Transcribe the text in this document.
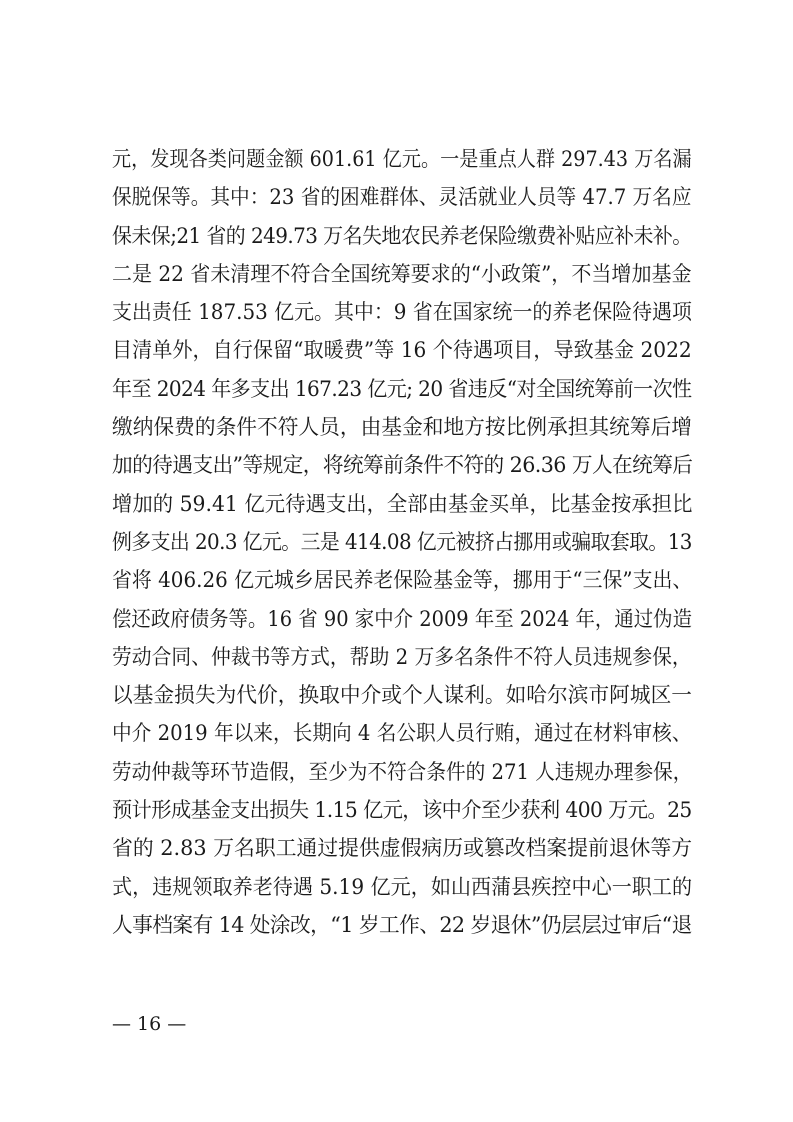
元，发现各类问题金额 601.61 亿元。一是重点人群 297.43 万名漏
保脱保等。其中：23 省的困难群体、灵活就业人员等 47.7 万名应
保未保;21 省的 249.73 万名失地农民养老保险缴费补贴应补未补。
二是 22 省未清理不符合全国统筹要求的“小政策”，不当增加基金
支出责任 187.53 亿元。其中：9 省在国家统一的养老保险待遇项
目清单外，自行保留“取暖费”等 16 个待遇项目，导致基金 2022
年至 2024 年多支出 167.23 亿元; 20 省违反“对全国统筹前一次性
缴纳保费的条件不符人员，由基金和地方按比例承担其统筹后增
加的待遇支出”等规定，将统筹前条件不符的 26.36 万人在统筹后
增加的 59.41 亿元待遇支出，全部由基金买单，比基金按承担比
例多支出 20.3 亿元。三是 414.08 亿元被挤占挪用或骗取套取。13
省将 406.26 亿元城乡居民养老保险基金等，挪用于“三保”支出、
偿还政府债务等。16 省 90 家中介 2009 年至 2024 年，通过伪造
劳动合同、仲裁书等方式，帮助 2 万多名条件不符人员违规参保，
以基金损失为代价，换取中介或个人谋利。如哈尔滨市阿城区一
中介 2019 年以来，长期向 4 名公职人员行贿，通过在材料审核、
劳动仲裁等环节造假，至少为不符合条件的 271 人违规办理参保，
预计形成基金支出损失 1.15 亿元，该中介至少获利 400 万元。25
省的 2.83 万名职工通过提供虚假病历或篡改档案提前退休等方
式，违规领取养老待遇 5.19 亿元，如山西蒲县疾控中心一职工的
人事档案有 14 处涂改，“1 岁工作、22 岁退休”仍层层过审后“退
— 16 —
